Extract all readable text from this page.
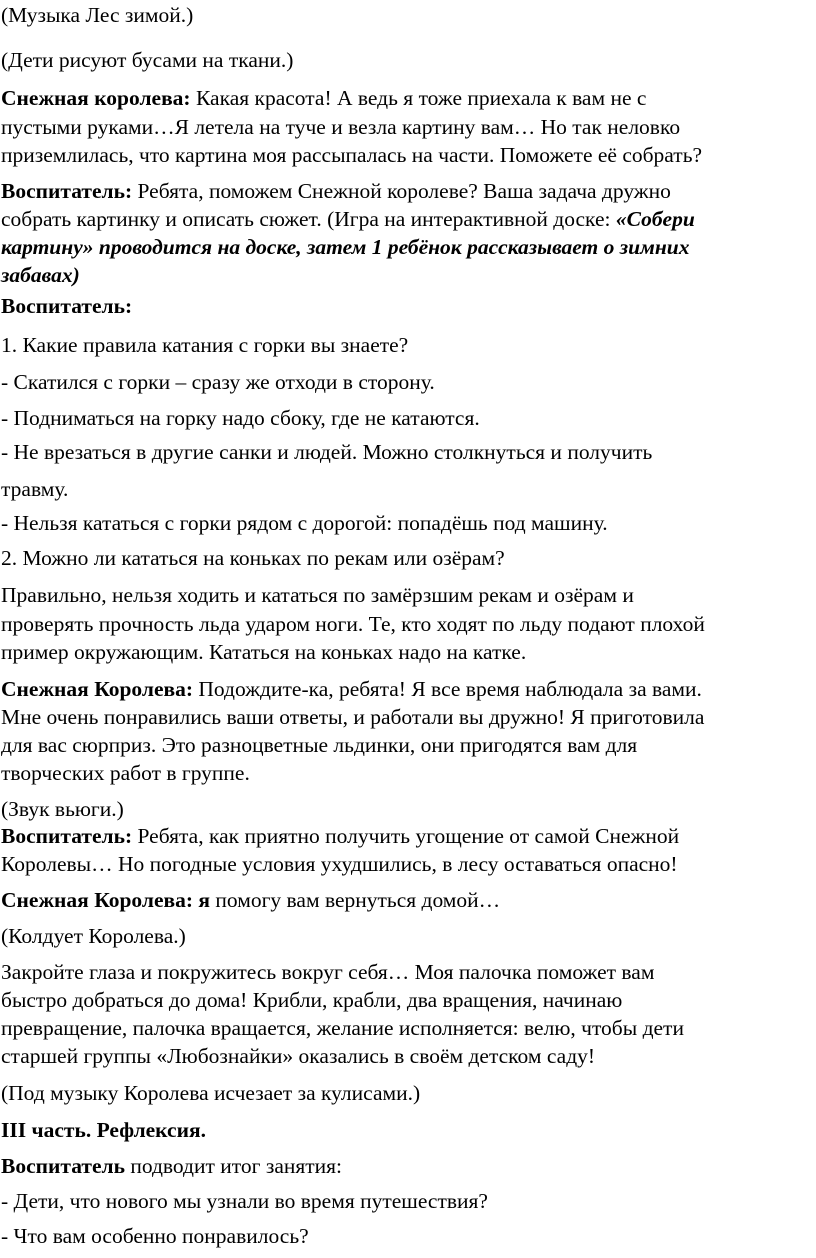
(Музыка Лес зимой.)
(Дети рисуют бусами на ткани.)
Снежная королева: Какая красота! А ведь я тоже приехала к вам не с
пустыми руками…Я летела на туче и везла картину вам… Но так неловко
приземлилась, что картина моя рассыпалась на части. Поможете её собрать?
Воспитатель: Ребята, поможем Снежной королеве? Ваша задача дружно
собрать картинку и описать сюжет. (Игра на интерактивной доске: «Собери
картину» проводится на доске, затем 1 ребёнок рассказывает о зимних
забавах)
Воспитатель:
1. Какие правила катания с горки вы знаете?
- Скатился с горки – сразу же отходи в сторону.
- Подниматься на горку надо сбоку, где не катаются.
- Не врезаться в другие санки и людей. Можно столкнуться и получить
травму.
- Нельзя кататься с горки рядом с дорогой: попадёшь под машину.
2. Можно ли кататься на коньках по рекам или озёрам?
Правильно, нельзя ходить и кататься по замёрзшим рекам и озёрам и
проверять прочность льда ударом ноги. Те, кто ходят по льду подают плохой
пример окружающим. Кататься на коньках надо на катке.
Снежная Королева: Подождите-ка, ребята! Я все время наблюдала за вами.
Мне очень понравились ваши ответы, и работали вы дружно! Я приготовила
для вас сюрприз. Это разноцветные льдинки, они пригодятся вам для
творческих работ в группе.
(Звук вьюги.)
Воспитатель: Ребята, как приятно получить угощение от самой Снежной
Королевы… Но погодные условия ухудшились, в лесу оставаться опасно!
Снежная Королева: я помогу вам вернуться домой…
(Колдует Королева.)
Закройте глаза и покружитесь вокруг себя… Моя палочка поможет вам
быстро добраться до дома! Крибли, крабли, два вращения, начинаю
превращение, палочка вращается, желание исполняется: велю, чтобы дети
старшей группы «Любознайки» оказались в своём детском саду!
(Под музыку Королева исчезает за кулисами.)
III часть. Рефлексия.
Воспитатель подводит итог занятия:
- Дети, что нового мы узнали во время путешествия?
- Что вам особенно понравилось?
